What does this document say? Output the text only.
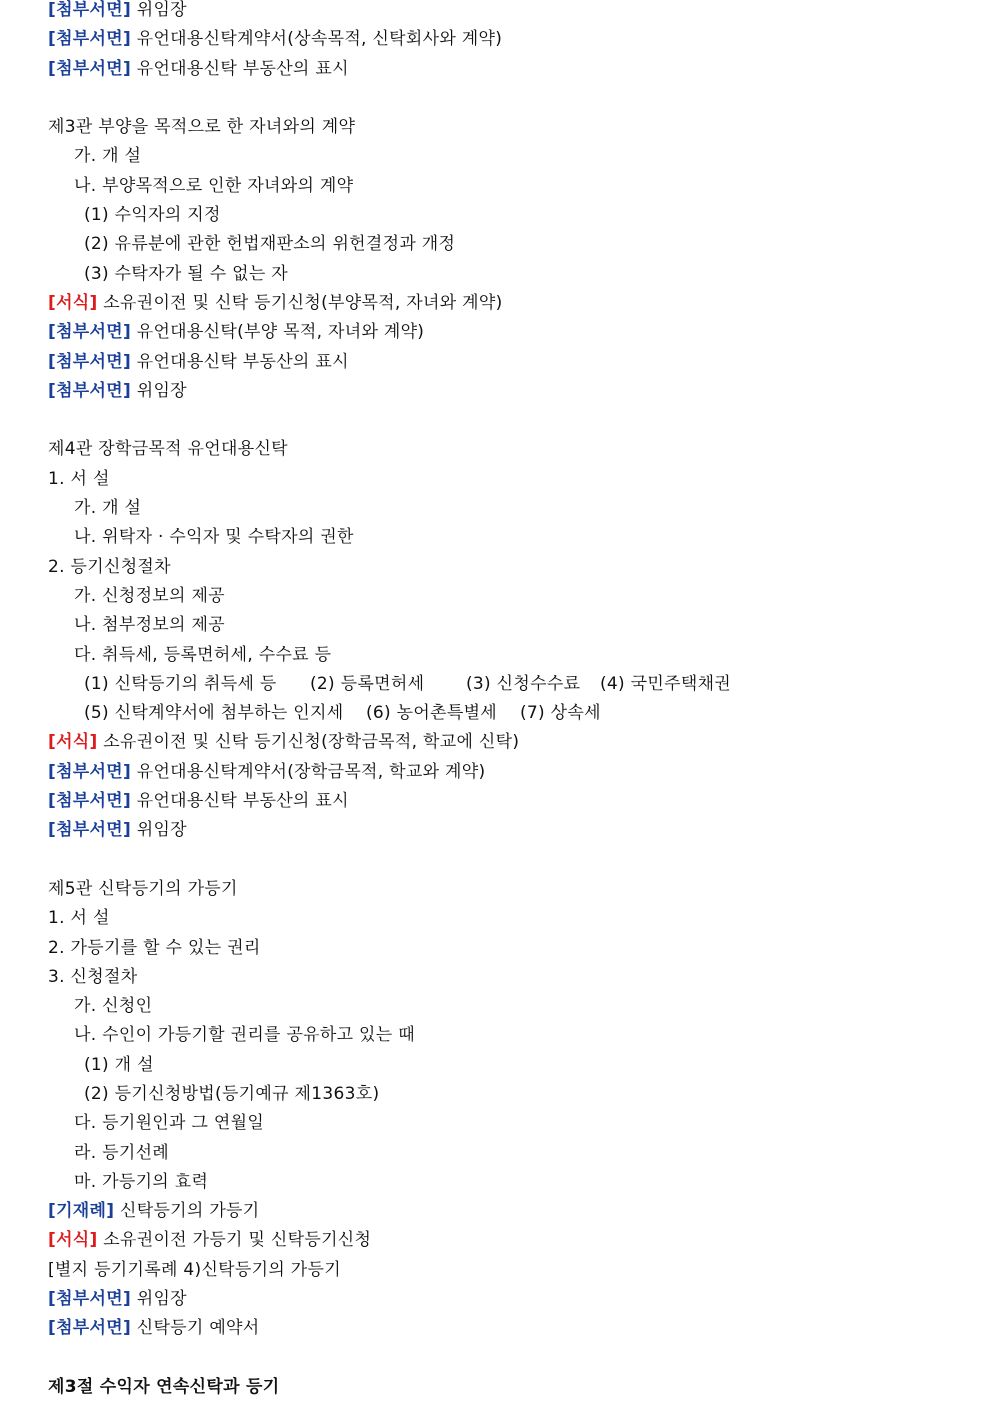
[첨부서면] 위임장
[첨부서면] 유언대용신탁계약서(상속목적, 신탁회사와 계약)
[첨부서면] 유언대용신탁 부동산의 표시
제3관 부양을 목적으로 한 자녀와의 계약
가. 개 설
나. 부양목적으로 인한 자녀와의 계약
(1) 수익자의 지정
(2) 유류분에 관한 헌법재판소의 위헌결정과 개정
(3) 수탁자가 될 수 없는 자
[서식] 소유권이전 및 신탁 등기신청(부양목적, 자녀와 계약)
[첨부서면] 유언대용신탁(부양 목적, 자녀와 계약)
[첨부서면] 유언대용신탁 부동산의 표시
[첨부서면] 위임장
제4관 장학금목적 유언대용신탁
1. 서 설
가. 개 설
나. 위탁자 · 수익자 및 수탁자의 권한
2. 등기신청절차
가. 신청정보의 제공
나. 첨부정보의 제공
다. 취득세, 등록면허세, 수수료 등
(1) 신탁등기의 취득세 등 (2) 등록면허세 (3) 신청수수료 (4) 국민주택채권
(5) 신탁계약서에 첨부하는 인지세 (6) 농어촌특별세 (7) 상속세
[서식] 소유권이전 및 신탁 등기신청(장학금목적, 학교에 신탁)
[첨부서면] 유언대용신탁계약서(장학금목적, 학교와 계약)
[첨부서면] 유언대용신탁 부동산의 표시
[첨부서면] 위임장
제5관 신탁등기의 가등기
1. 서 설
2. 가등기를 할 수 있는 권리
3. 신청절차
가. 신청인
나. 수인이 가등기할 권리를 공유하고 있는 때
(1) 개 설
(2) 등기신청방법(등기예규 제1363호)
다. 등기원인과 그 연월일
라. 등기선례
마. 가등기의 효력
[기재례] 신탁등기의 가등기
[서식] 소유권이전 가등기 및 신탁등기신청
[별지 등기기록례 4)신탁등기의 가등기
[첨부서면] 위임장
[첨부서면] 신탁등기 예약서
제3절 수익자 연속신탁과 등기
